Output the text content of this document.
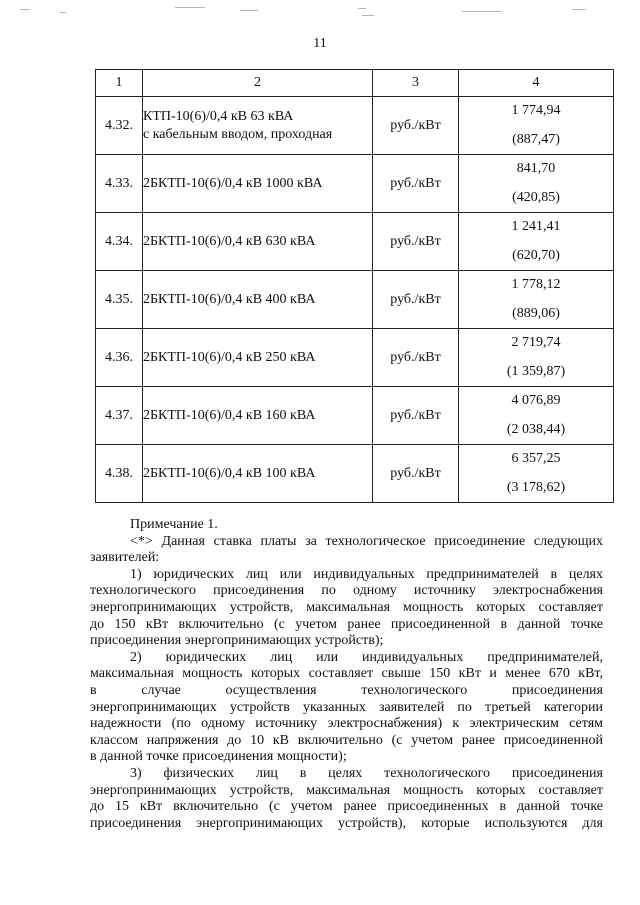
11
1	2	3	4
4.32.	КТП-10(6)/0,4 кВ 63 кВА
с кабельным вводом, проходная	руб./кВт	1 774,94
(887,47)

4.33.	2БКТП-10(6)/0,4 кВ 1000 кВА	руб./кВт	841,70
(420,85)

4.34.	2БКТП-10(6)/0,4 кВ 630 кВА	руб./кВт	1 241,41
(620,70)

4.35.	2БКТП-10(6)/0,4 кВ 400 кВА	руб./кВт	1 778,12
(889,06)

4.36.	2БКТП-10(6)/0,4 кВ 250 кВА	руб./кВт	2 719,74
(1 359,87)

4.37.	2БКТП-10(6)/0,4 кВ 160 кВА	руб./кВт	4 076,89
(2 038,44)

4.38.	2БКТП-10(6)/0,4 кВ 100 кВА	руб./кВт	6 357,25
(3 178,62)

Примечание 1.

<*> Данная ставка платы за технологическое присоединение следующих

заявителей:

1) юридических лиц или индивидуальных предпринимателей в целях

технологического присоединения по одному источнику электроснабжения

энергопринимающих устройств, максимальная мощность которых составляет

до 150 кВт включительно (с учетом ранее присоединенной в данной точке

присоединения энергопринимающих устройств);

2) юридических лиц или индивидуальных предпринимателей,

максимальная мощность которых составляет свыше 150 кВт и менее 670 кВт,

в случае осуществления технологического присоединения

энергопринимающих устройств указанных заявителей по третьей категории

надежности (по одному источнику электроснабжения) к электрическим сетям

классом напряжения до 10 кВ включительно (с учетом ранее присоединенной

в данной точке присоединения мощности);

3) физических лиц в целях технологического присоединения

энергопринимающих устройств, максимальная мощность которых составляет

до 15 кВт включительно (с учетом ранее присоединенных в данной точке

присоединения энергопринимающих устройств), которые используются для
